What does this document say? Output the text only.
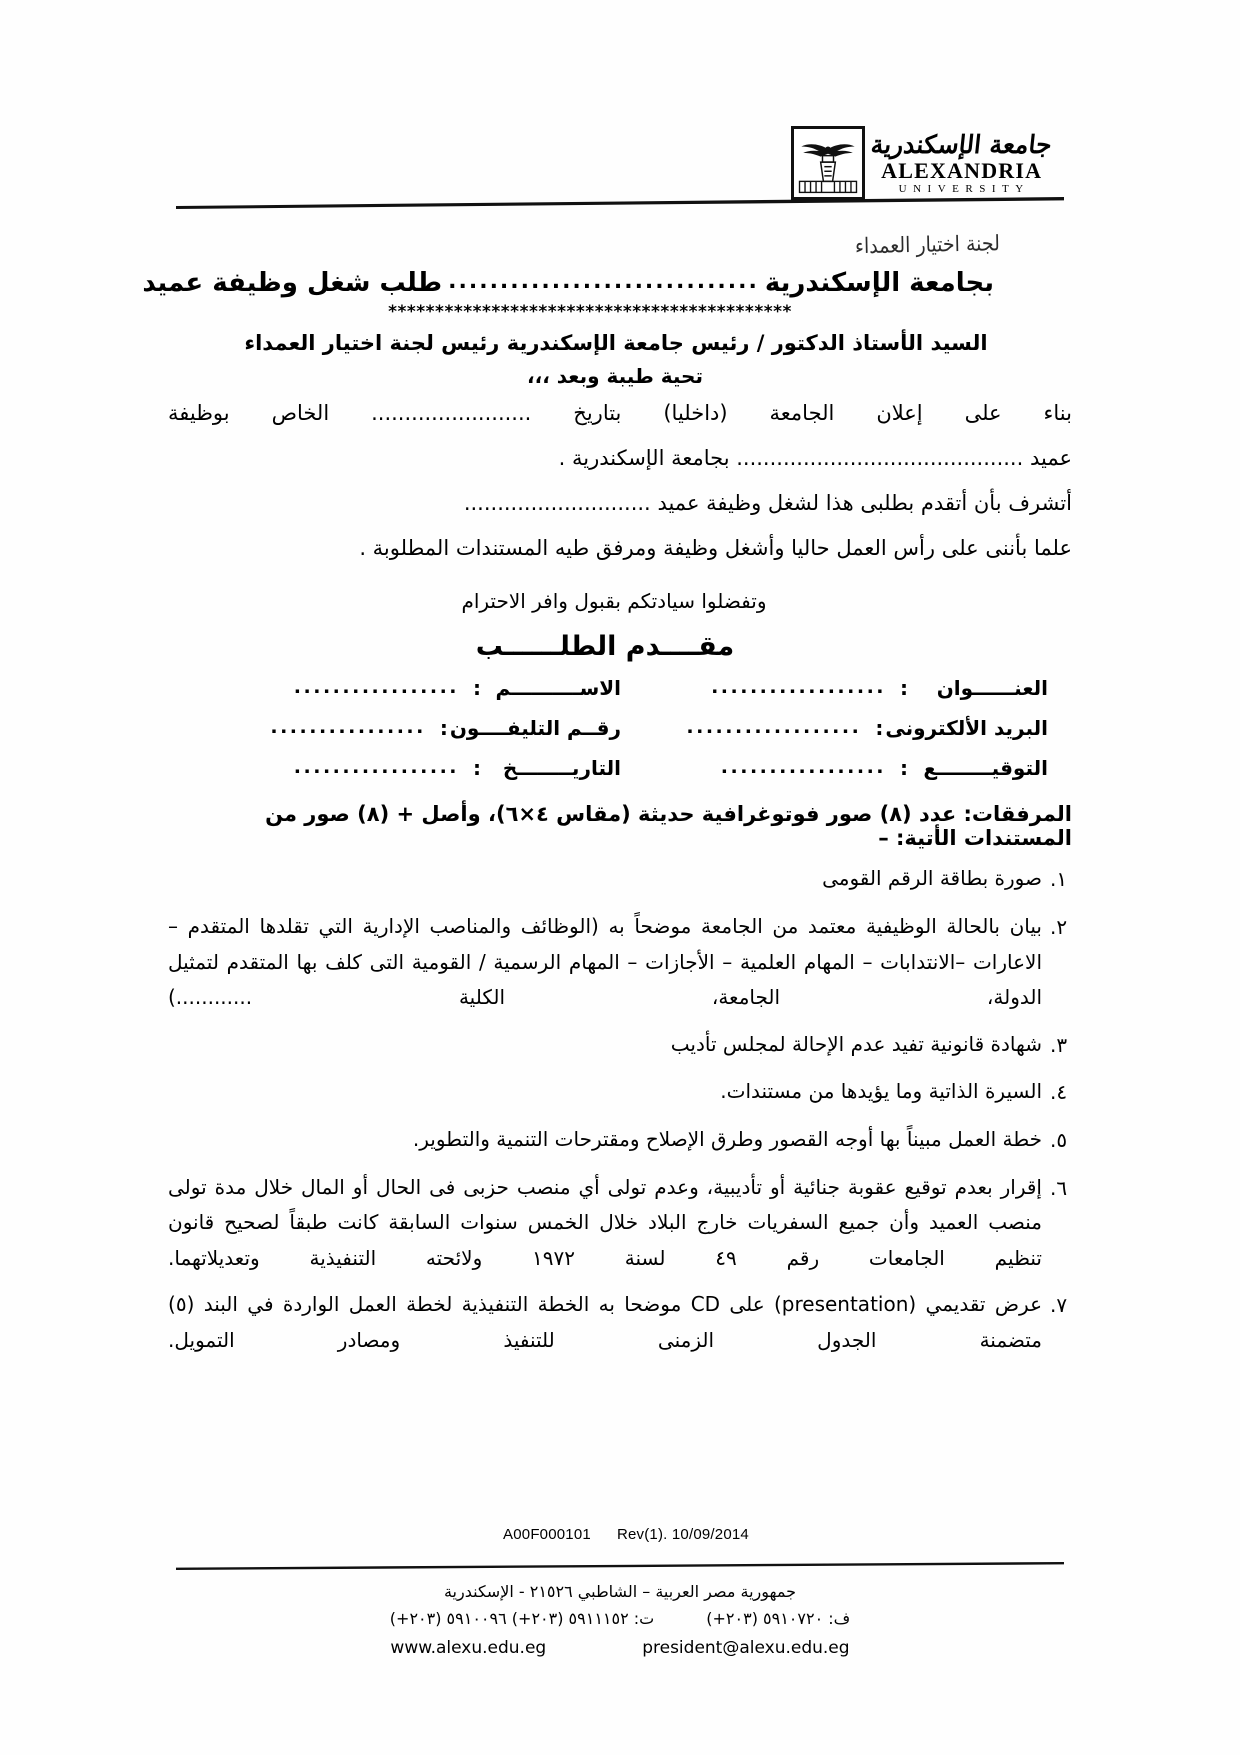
جامعة الإسكندرية
ALEXANDRIA
UNIVERSITY
لجنة اختيار العمداء
بجامعة الإسكندرية
..............................
طلب شغل وظيفة عميد
*******************************************
السيد الأستاذ الدكتور / رئيس جامعة الإسكندرية رئيس لجنة اختيار العمداء
تحية طيبة وبعد ،،،
بناء على إعلان الجامعة (داخليا) بتاريخ ........................ الخاص بوظيفة
عميد ........................................... بجامعة الإسكندرية .
أتشرف بأن أتقدم بطلبى هذا لشغل وظيفة عميد ............................
علما بأننى على رأس العمل حاليا وأشغل وظيفة ومرفق طيه المستندات المطلوبة .
وتفضلوا سيادتكم بقبول وافر الاحترام
مقــــدم الطلــــــب
العنــــــوان
:
..................
الاســــــــــم
:
.................
البريد الألكترونى
:
..................
رقــم التليفــــون
:
................
التوقيــــــــع
:
.................
التاريــــــــخ
:
.................
المرفقات: عدد (٨) صور فوتوغرافية حديثة (مقاس ٤×٦)، وأصل + (٨) صور من المستندات الأتية: –
١.
صورة بطاقة الرقم القومى
٢.
بيان بالحالة الوظيفية معتمد من الجامعة موضحاً به (الوظائف والمناصب الإدارية التي تقلدها المتقدم – الاعارات –الانتدابات – المهام العلمية – الأجازات – المهام الرسمية / القومية التى كلف بها المتقدم لتمثيل الدولة، الجامعة، الكلية ............)
٣.
شهادة قانونية تفيد عدم الإحالة لمجلس تأديب
٤.
السيرة الذاتية وما يؤيدها من مستندات.
٥.
خطة العمل مبيناً بها أوجه القصور وطرق الإصلاح ومقترحات التنمية والتطوير.
٦.
إقرار بعدم توقيع عقوبة جنائية أو تأديبية، وعدم تولى أي منصب حزبى فى الحال أو المال خلال مدة تولى منصب العميد وأن جميع السفريات خارج البلاد خلال الخمس سنوات السابقة كانت طبقاً لصحيح قانون تنظيم الجامعات رقم ٤٩ لسنة ١٩٧٢ ولائحته التنفيذية وتعديلاتهما.
٧.
عرض تقديمي (presentation) على CD موضحا به الخطة التنفيذية لخطة العمل الواردة في البند (٥) متضمنة الجدول الزمنى للتنفيذ ومصادر التمويل.
A00F000101 Rev(1). 10/09/2014
جمهورية مصر العربية – الشاطبي ٢١٥٢٦ - الإسكندرية
ف: ٥٩١٠٧٢٠ (٢٠٣+)
ت: ٥٩١١١٥٢ (٢٠٣+) ٥٩١٠٠٩٦ (٢٠٣+)
www.alexu.edu.eg	president@alexu.edu.eg
